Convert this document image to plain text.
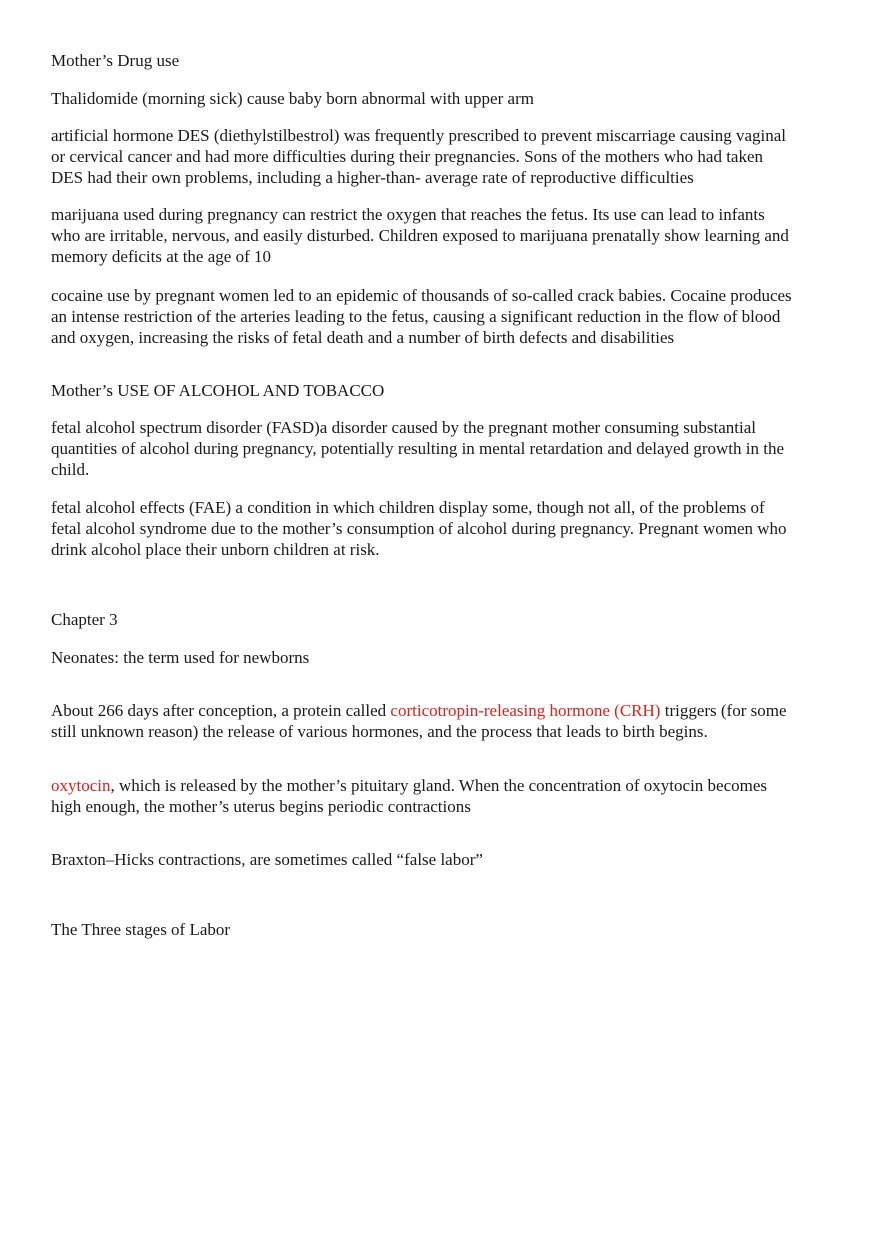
Mother’s Drug use
Thalidomide (morning sick) cause baby born abnormal with upper arm
artificial hormone DES (diethylstilbestrol) was frequently prescribed to prevent miscarriage causing vaginal
or cervical cancer and had more difficulties during their pregnancies. Sons of the mothers who had taken
DES had their own problems, including a higher-than- average rate of reproductive difficulties
marijuana used during pregnancy can restrict the oxygen that reaches the fetus. Its use can lead to infants
who are irritable, nervous, and easily disturbed. Children exposed to marijuana prenatally show learning and
memory deficits at the age of 10
cocaine use by pregnant women led to an epidemic of thousands of so-called crack babies. Cocaine produces
an intense restriction of the arteries leading to the fetus, causing a significant reduction in the flow of blood
and oxygen, increasing the risks of fetal death and a number of birth defects and disabilities
Mother’s USE OF ALCOHOL AND TOBACCO
fetal alcohol spectrum disorder (FASD)a disorder caused by the pregnant mother consuming substantial
quantities of alcohol during pregnancy, potentially resulting in mental retardation and delayed growth in the
child.
fetal alcohol effects (FAE) a condition in which children display some, though not all, of the problems of
fetal alcohol syndrome due to the mother’s consumption of alcohol during pregnancy. Pregnant women who
drink alcohol place their unborn children at risk.
Chapter 3
Neonates: the term used for newborns
About 266 days after conception, a protein called corticotropin-releasing hormone (CRH) triggers (for some
still unknown reason) the release of various hormones, and the process that leads to birth begins.
oxytocin, which is released by the mother’s pituitary gland. When the concentration of oxytocin becomes
high enough, the mother’s uterus begins periodic contractions
Braxton–Hicks contractions, are sometimes called “false labor”
The Three stages of Labor
